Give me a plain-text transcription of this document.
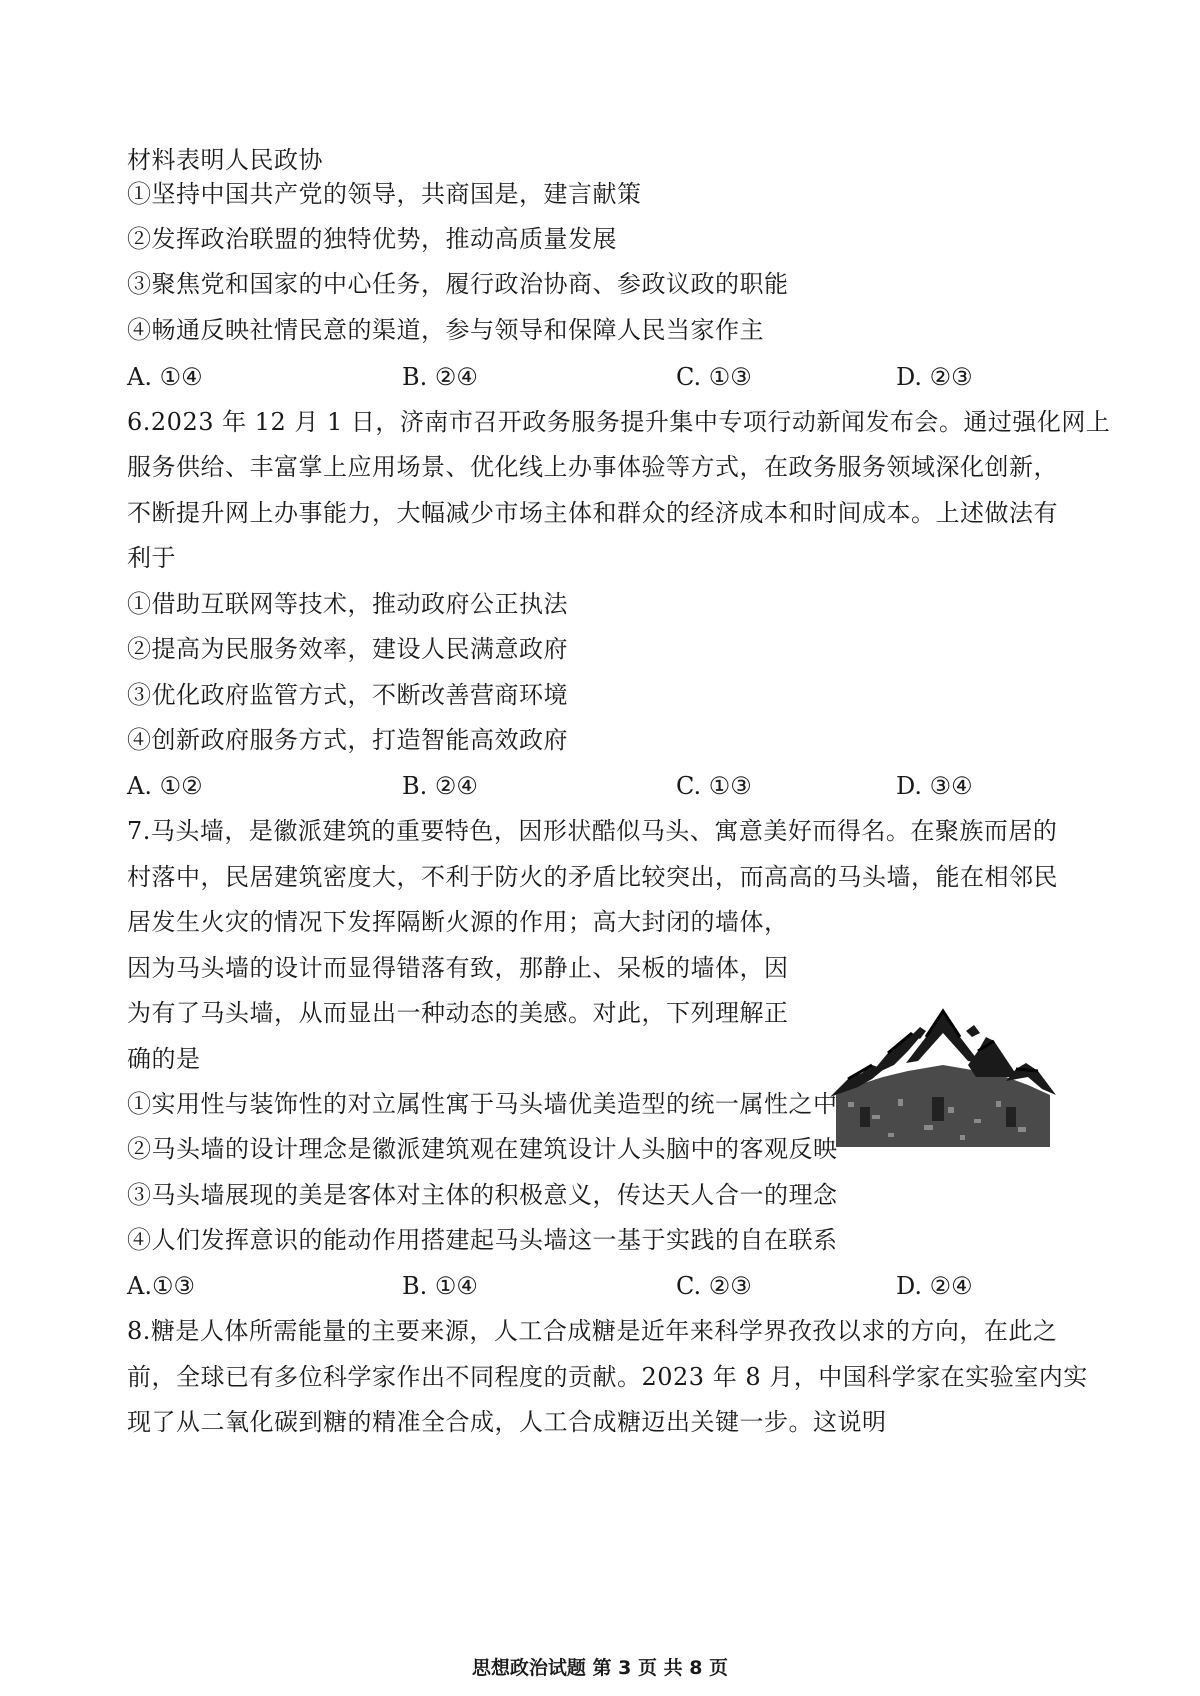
材料表明人民政协
①坚持中国共产党的领导，共商国是，建言献策
②发挥政治联盟的独特优势，推动高质量发展
③聚焦党和国家的中心任务，履行政治协商、参政议政的职能
④畅通反映社情民意的渠道，参与领导和保障人民当家作主
A. ①④	B. ②④	C. ①③	D. ②③
6.2023 年 12 月 1 日，济南市召开政务服务提升集中专项行动新闻发布会。通过强化网上
服务供给、丰富掌上应用场景、优化线上办事体验等方式，在政务服务领域深化创新，
不断提升网上办事能力，大幅减少市场主体和群众的经济成本和时间成本。上述做法有
利于
①借助互联网等技术，推动政府公正执法
②提高为民服务效率，建设人民满意政府
③优化政府监管方式，不断改善营商环境
④创新政府服务方式，打造智能高效政府
A. ①②	B. ②④	C. ①③	D. ③④
7.马头墙，是徽派建筑的重要特色，因形状酷似马头、寓意美好而得名。在聚族而居的
村落中，民居建筑密度大，不利于防火的矛盾比较突出，而高高的马头墙，能在相邻民
居发生火灾的情况下发挥隔断火源的作用；高大封闭的墙体，
因为马头墙的设计而显得错落有致，那静止、呆板的墙体，因
为有了马头墙，从而显出一种动态的美感。对此，下列理解正
确的是
①实用性与装饰性的对立属性寓于马头墙优美造型的统一属性之中
②马头墙的设计理念是徽派建筑观在建筑设计人头脑中的客观反映
③马头墙展现的美是客体对主体的积极意义，传达天人合一的理念
④人们发挥意识的能动作用搭建起马头墙这一基于实践的自在联系
A.①③	B. ①④	C. ②③	D. ②④
8.糖是人体所需能量的主要来源，人工合成糖是近年来科学界孜孜以求的方向，在此之
前，全球已有多位科学家作出不同程度的贡献。2023 年 8 月，中国科学家在实验室内实
现了从二氧化碳到糖的精准全合成，人工合成糖迈出关键一步。这说明
思想政治试题 第 3 页 共 8 页
